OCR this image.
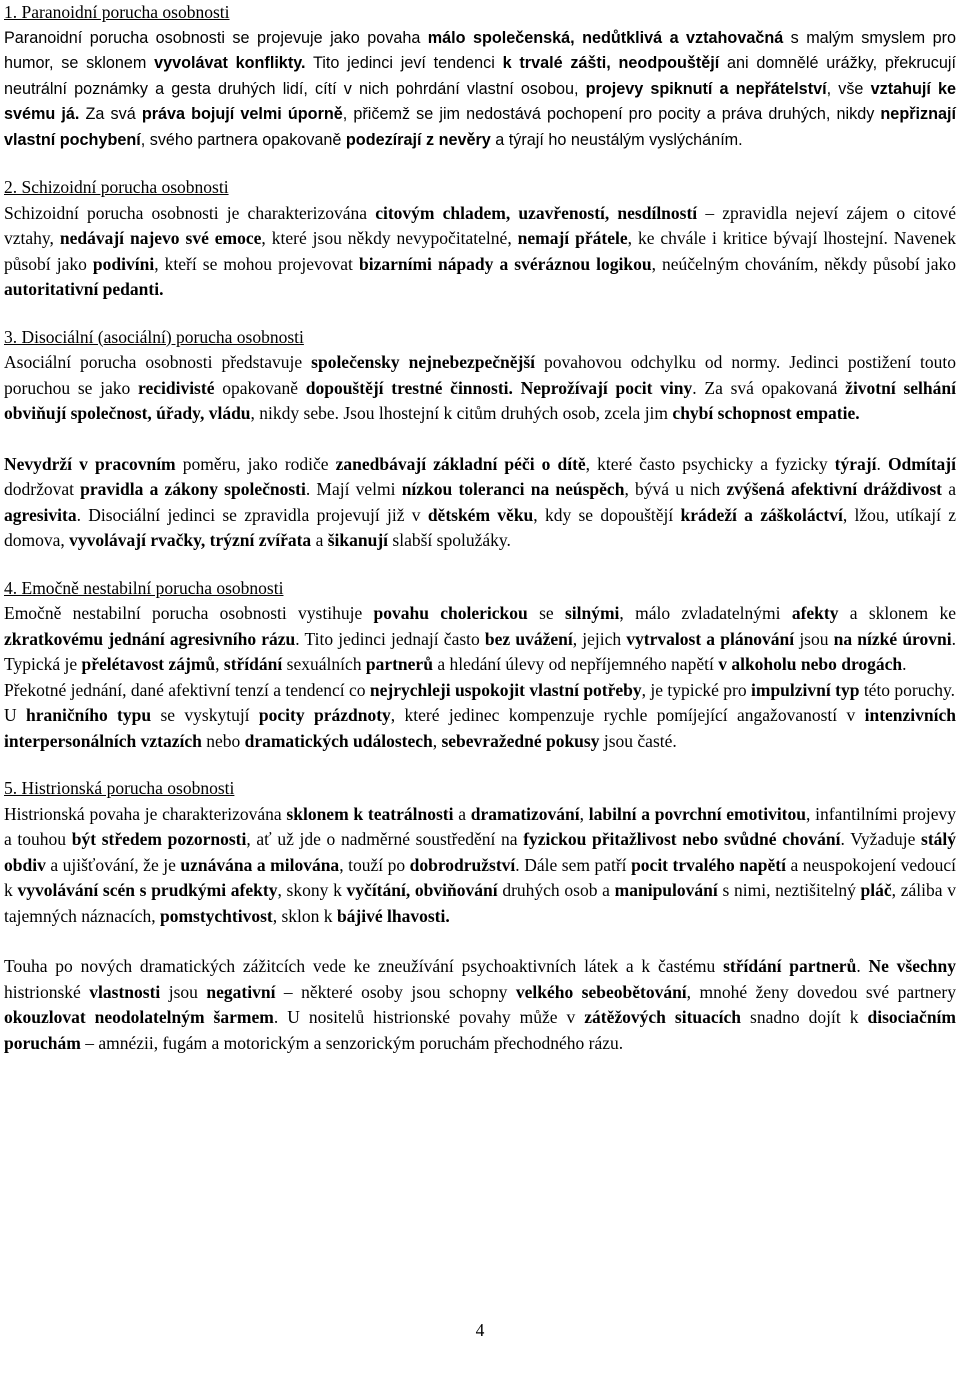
1. Paranoidní porucha osobnosti

Paranoidní porucha osobnosti se projevuje jako povaha málo společenská, nedůtklivá a vztahovačná s malým smyslem pro humor, se sklonem vyvolávat konflikty. Tito jedinci jeví tendenci k trvalé zášti, neodpouštějí ani domnělé urážky, překrucují neutrální poznámky a gesta druhých lidí, cítí v nich pohrdání vlastní osobou, projevy spiknutí a nepřátelství, vše vztahují ke svému já. Za svá práva bojují velmi úporně, přičemž se jim nedostává pochopení pro pocity a práva druhých, nikdy nepřiznají vlastní pochybení, svého partnera opakovaně podezírají z nevěry a týrají ho neustálým vyslýcháním.

2. Schizoidní porucha osobnosti

Schizoidní porucha osobnosti je charakterizována citovým chladem, uzavřeností, nesdílností – zpravidla nejeví zájem o citové vztahy, nedávají najevo své emoce, které jsou někdy nevypočitatelné, nemají přátele, ke chvále i kritice bývají lhostejní. Navenek působí jako podivíni, kteří se mohou projevovat bizarními nápady a svéráznou logikou, neúčelným chováním, někdy působí jako autoritativní pedanti.

3. Disociální (asociální) porucha osobnosti

Asociální porucha osobnosti představuje společensky nejnebezpečnější povahovou odchylku od normy. Jedinci postižení touto poruchou se jako recidivisté opakovaně dopouštějí trestné činnosti. Neprožívají pocit viny. Za svá opakovaná životní selhání obviňují společnost, úřady, vládu, nikdy sebe. Jsou lhostejní k citům druhých osob, zcela jim chybí schopnost empatie.

Nevydrží v pracovním poměru, jako rodiče zanedbávají základní péči o dítě, které často psychicky a fyzicky týrají. Odmítají dodržovat pravidla a zákony společnosti. Mají velmi nízkou toleranci na neúspěch, bývá u nich zvýšená afektivní dráždivost a agresivita. Disociální jedinci se zpravidla projevují již v dětském věku, kdy se dopouštějí krádeží a záškoláctví, lžou, utíkají z domova, vyvolávají rvačky, trýzní zvířata a šikanují slabší spolužáky.

4. Emočně nestabilní porucha osobnosti

Emočně nestabilní porucha osobnosti vystihuje povahu cholerickou se silnými, málo zvladatelnými afekty a sklonem ke zkratkovému jednání agresivního rázu. Tito jedinci jednají často bez uvážení, jejich vytrvalost a plánování jsou na nízké úrovni. Typická je přelétavost zájmů, střídání sexuálních partnerů a hledání úlevy od nepříjemného napětí v alkoholu nebo drogách.

Překotné jednání, dané afektivní tenzí a tendencí co nejrychleji uspokojit vlastní potřeby, je typické pro impulzivní typ této poruchy.

U hraničního typu se vyskytují pocity prázdnoty, které jedinec kompenzuje rychle pomíjející angažovaností v intenzivních interpersonálních vztazích nebo dramatických událostech, sebevražedné pokusy jsou časté.

5. Histrionská porucha osobnosti

Histrionská povaha je charakterizována sklonem k teatrálnosti a dramatizování, labilní a povrchní emotivitou, infantilními projevy a touhou být středem pozornosti, ať už jde o nadměrné soustředění na fyzickou přitažlivost nebo svůdné chování. Vyžaduje stálý obdiv a ujišťování, že je uznávána a milována, touží po dobrodružství. Dále sem patří pocit trvalého napětí a neuspokojení vedoucí k vyvolávání scén s prudkými afekty, skony k vyčítání, obviňování druhých osob a manipulování s nimi, neztišitelný pláč, záliba v tajemných náznacích, pomstychtivost, sklon k bájivé lhavosti.

Touha po nových dramatických zážitcích vede ke zneužívání psychoaktivních látek a k častému střídání partnerů. Ne všechny histrionské vlastnosti jsou negativní – některé osoby jsou schopny velkého sebeobětování, mnohé ženy dovedou své partnery okouzlovat neodolatelným šarmem. U nositelů histrionské povahy může v zátěžových situacích snadno dojít k disociačním poruchám – amnézii, fugám a motorickým a senzorickým poruchám přechodného rázu.

4
